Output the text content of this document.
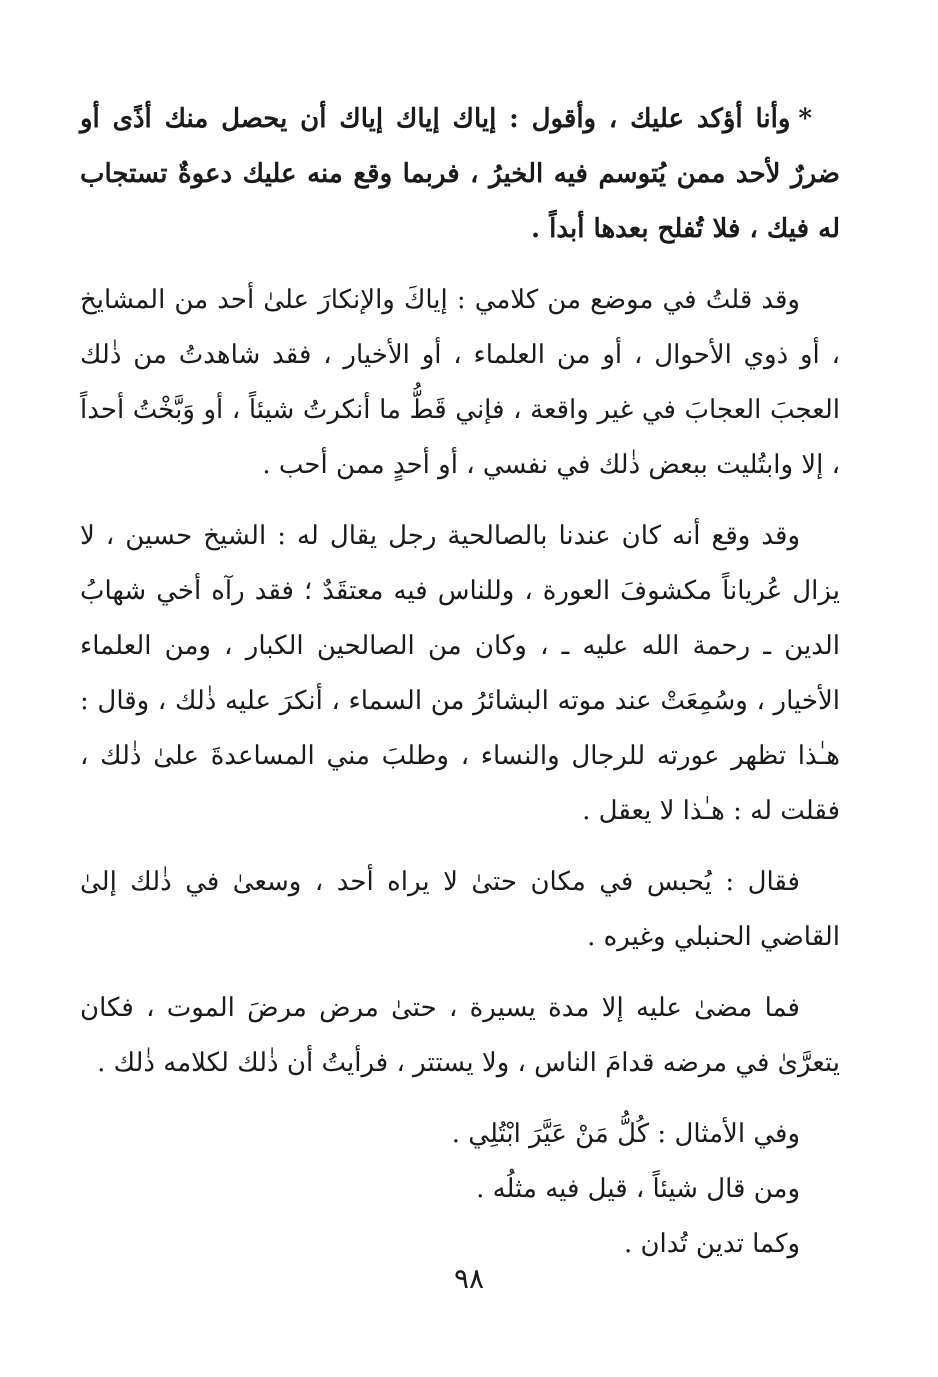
*وأنا أؤكد عليك ، وأقول : إياك إياك إياك أن يحصل منك أذًى أو ضررٌ لأحد ممن يُتوسم فيه الخيرُ ، فربما وقع منه عليك دعوةٌ تستجاب له فيك ، فلا تُفلح بعدها أبداً .

وقد قلتُ في موضع من كلامي : إياكَ والإنكارَ علىٰ أحد من المشايخ ، أو ذوي الأحوال ، أو من العلماء ، أو الأخيار ، فقد شاهدتُ من ذٰلك العجبَ العجابَ في غير واقعة ، فإني قَطُّ ما أنكرتُ شيئاً ، أو وَبَّخْتُ أحداً ، إلا وابتُليت ببعض ذٰلك في نفسي ، أو أحدٍ ممن أحب .

وقد وقع أنه كان عندنا بالصالحية رجل يقال له : الشيخ حسين ، لا يزال عُرياناً مكشوفَ العورة ، وللناس فيه معتقَدٌ ؛ فقد رآه أخي شهابُ الدين ـ رحمة الله عليه ـ ، وكان من الصالحين الكبار ، ومن العلماء الأخيار ، وسُمِعَتْ عند موته البشائرُ من السماء ، أنكرَ عليه ذٰلك ، وقال : هـٰذا تظهر عورته للرجال والنساء ، وطلبَ مني المساعدةَ علىٰ ذٰلك ، فقلت له : هـٰذا لا يعقل .

فقال : يُحبس في مكان حتىٰ لا يراه أحد ، وسعىٰ في ذٰلك إلىٰ القاضي الحنبلي وغيره .

فما مضىٰ عليه إلا مدة يسيرة ، حتىٰ مرض مرضَ الموت ، فكان يتعرَّىٰ في مرضه قدامَ الناس ، ولا يستتر ، فرأيتُ أن ذٰلك لكلامه ذٰلك .

وفي الأمثال : كُلُّ مَنْ عَيَّرَ ابْتُلِي .

ومن قال شيئاً ، قيل فيه مثلُه .

وكما تدين تُدان .

٩٨
